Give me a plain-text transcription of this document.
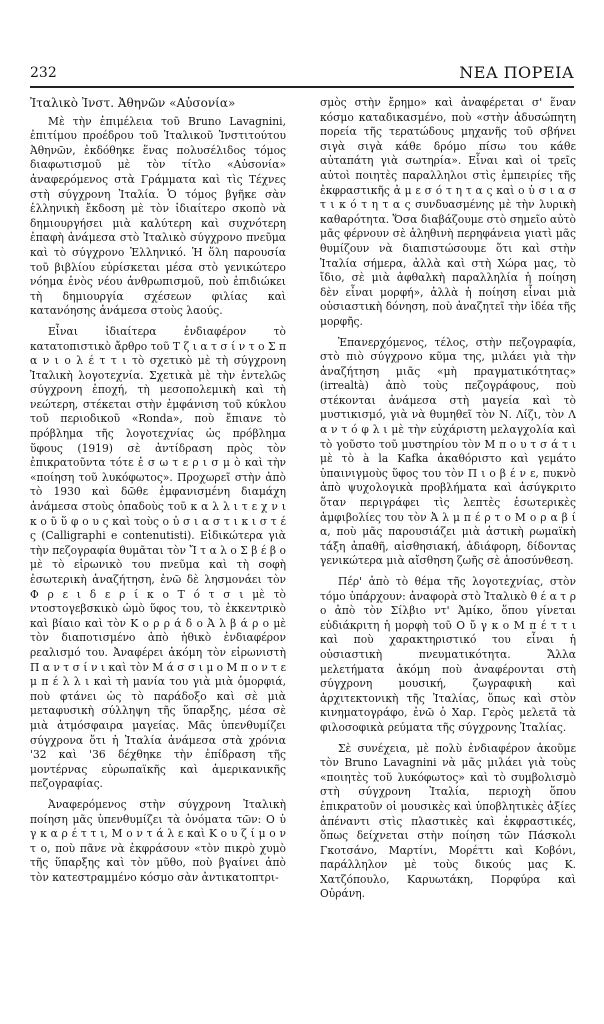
232	ΝΕΑ ΠΟΡΕΙΑ
Ἰταλικὸ Ἰνστ. Ἀθηνῶν «Αὐσονία»

Μὲ τὴν ἐπιμέλεια τοῦ Bruno Lavagnini, ἐπιτίμου προέδρου τοῦ Ἰταλικοῦ Ἰνστιτούτου Ἀθηνῶν, ἐκδόθηκε ἕνας πολυσέλιδος τόμος διαφωτισμοῦ μὲ τὸν τίτλο «Αὐσονία» ἀναφερόμενος στὰ Γράμματα καὶ τὶς Τέχνες στὴ σύγχρονη Ἰταλία. Ὁ τόμος βγῆκε σὰν ἑλληνικὴ ἔκδοση μὲ τὸν ἰδιαίτερο σκοπὸ νὰ δημιουργήσει μιὰ καλύτερη καὶ συχνότερη ἐπαφὴ ἀνάμεσα στὸ Ἰταλικὸ σύγχρονο πνεῦμα καὶ τὸ σύγχρονο Ἑλληνικό. Ἡ ὅλη παρουσία τοῦ βιβλίου εὑρίσκεται μέσα στὸ γενικώτερο νόημα ἑνὸς νέου ἀνθρωπισμοῦ, ποὺ ἐπιδιώκει τὴ δημιουργία σχέσεων φιλίας καὶ κατανόησης ἀνάμεσα στοὺς λαούς.

Εἶναι ἰδιαίτερα ἐνδιαφέρον τὸ κατατοπιστικὸ ἄρθρο τοῦ Τ ζ ι α τ σ ί ν τ ο Σ π α ν ι ο λ έ τ τ ι τὸ σχετικὸ μὲ τὴ σύγχρονη Ἰταλικὴ λογοτεχνία. Σχετικὰ μὲ τὴν ἐντελῶς σύγχρονη ἐποχή, τὴ μεσοπολεμικὴ καὶ τὴ νεώτερη, στέκεται στὴν ἐμφάνιση τοῦ κύκλου τοῦ περιοδικοῦ «Ronda», ποὺ ἔπιανε τὸ πρόβλημα τῆς λογοτεχνίας ὡς πρόβλημα ὕφους (1919) σὲ ἀντίδραση πρὸς τὸν ἐπικρατοῦντα τότε ἐ σ ω τ ε ρ ι σ μ ὸ καὶ τὴν «ποίηση τοῦ λυκόφωτος». Προχωρεῖ στὴν ἀπὸ τὸ 1930 καὶ δῶθε ἐμφανισμένη διαμάχη ἀνάμεσα στοὺς ὁπαδοὺς τοῦ κ α λ λ ι τ ε χ ν ι κ ο ῦ ὕ φ ο υ ς καὶ τοὺς ο ὐ σ ι α σ τ ι κ ι σ τ έ ς (Calligraphi e contenutisti). Εἰδικώτερα γιὰ τὴν πεζογραφία θυμᾶται τὸν Ἴ τ α λ ο Σ β έ β ο μὲ τὸ εἰρωνικὸ του πνεῦμα καὶ τὴ σοφὴ ἐσωτερικὴ ἀναζήτηση, ἐνῶ δὲ λησμονάει τὸν Φ ρ ε ι δ ε ρ ί κ ο Τ ό τ σ ι μὲ τὸ ντοστογεβσκικὸ ὠμὸ ὕφος του, τὸ ἐκκεντρικὸ καὶ βίαιο καὶ τὸν Κ ο ρ ρ ά δ ο Ἀ λ β ά ρ ο μὲ τὸν διαποτισμένο ἀπὸ ἠθικὸ ἐνδιαφέρον ρεαλισμό του. Ἀναφέρει ἀκόμη τὸν εἰρωνιστὴ Π α ν τ σ ί ν ι καὶ τὸν Μ ά σ σ ι μ ο Μ π ο ν τ ε μ π έ λ λ ι καὶ τὴ μανία του γιὰ μιὰ ὁμορφιά, ποὺ φτάνει ὡς τὸ παράδοξο καὶ σὲ μιὰ μεταφυσικὴ σύλληψη τῆς ὕπαρξης, μέσα σὲ μιὰ ἀτμόσφαιρα μαγείας. Μᾶς ὑπενθυμίζει σύγχρονα ὅτι ἡ Ἰταλία ἀνάμεσα στὰ χρόνια '32 καὶ '36 δέχθηκε τὴν ἐπίδραση τῆς μοντέρνας εὐρωπαϊκῆς καὶ ἀμερικανικῆς πεζογραφίας.

Ἀναφερόμενος στὴν σύγχρονη Ἰταλικὴ ποίηση μᾶς ὑπενθυμίζει τὰ ὀνόματα τῶν: Ο ὐ γ κ α ρ έ τ τ ι, Μ ο ν τ ά λ ε καὶ Κ ο υ ζ ί μ ο ν τ ο, ποὺ πᾶνε νὰ ἐκφράσουν «τὸν πικρὸ χυμὸ τῆς ὕπαρξης καὶ τὸν μῦθο, ποὺ βγαίνει ἀπὸ τὸν κατεστραμμένο κόσμο σὰν ἀντικατοπτρι-

σμὸς στὴν ἔρημο» καὶ ἀναφέρεται σ' ἕναν κόσμο καταδικασμένο, ποὺ «στὴν ἀδυσώπητη πορεία τῆς τερατώδους μηχανῆς τοῦ σβήνει σιγὰ σιγὰ κάθε δρόμο πίσω του κάθε αὐταπάτη γιὰ σωτηρία». Εἶναι καὶ οἱ τρεῖς αὐτοὶ ποιητὲς παραλληλοι στὶς ἐμπειρίες τῆς ἐκφραστικῆς ἀ μ ε σ ό τ η τ α ς καὶ ο ὐ σ ι α σ τ ι κ ό τ η τ α ς συνδυασμένης μὲ τὴν λυρικὴ καθαρότητα. Ὅσα διαβάζουμε στὸ σημεῖο αὐτὸ μᾶς φέρνουν σὲ ἀληθινὴ περηφάνεια γιατὶ μᾶς θυμίζουν νὰ διαπιστώσουμε ὅτι καὶ στὴν Ἰταλία σήμερα, ἀλλὰ καὶ στὴ Χώρα μας, τὸ ἴδιο, σὲ μιὰ ἀφθαλκὴ παραλληλία ἡ ποίηση δὲν εἶναι μορφή», ἀλλὰ ἡ ποίηση εἶναι μιὰ οὐσιαστικὴ δόνηση, ποὺ ἀναζητεῖ τὴν ἰδέα τῆς μορφῆς.

Ἐπανερχόμενος, τέλος, στὴν πεζογραφία, στὸ πιὸ σύγχρονο κῦμα της, μιλάει γιὰ τὴν ἀναζήτηση μιᾶς «μὴ πραγματικότητας» (irrealtà) ἀπὸ τοὺς πεζογράφους, ποὺ στέκονται ἀνάμεσα στὴ μαγεία καὶ τὸ μυστικισμό, γιὰ νὰ θυμηθεῖ τὸν Ν. Λίζι, τὸν Λ α ν τ ό φ λ ι μὲ τὴν εὐχάριστη μελαγχολία καὶ τὸ γοῦστο τοῦ μυστηρίου τὸν Μ π ο υ τ σ ά τ ι μὲ τὸ à la Kafka ἀκαθόριστο καὶ γεμάτο ὑπαινιγμοὺς ὕφος του τὸν Π ι ο β έ ν ε, πυκνὸ ἀπὸ ψυχολογικὰ προβλήματα καὶ ἀσύγκριτο ὅταν περιγράφει τὶς λεπτὲς ἐσωτερικὲς ἀμφιβολίες του τὸν Ἀ λ μ π έ ρ τ ο Μ ο ρ α β ί α, ποὺ μᾶς παρουσιάζει μιὰ ἀστικὴ ρωμαϊκὴ τάξη ἀπαθῆ, αἰσθησιακή, ἀδιάφορη, δίδοντας γενικώτερα μιὰ αἴσθηση ζωῆς σὲ ἀποσύνθεση.

Πέρ' ἀπὸ τὸ θέμα τῆς λογοτεχνίας, στὸν τόμο ὑπάρχουν: ἀναφορὰ στὸ Ἰταλικὸ θ έ α τ ρ ο ἀπὸ τὸν Σίλβιο ντ' Ἀμίκο, ὅπου γίνεται εὐδιάκριτη ἡ μορφὴ τοῦ Ο ὔ γ κ ο Μ π έ τ τ ι καὶ ποὺ χαρακτηριστικό του εἶναι ἡ οὐσιαστικὴ πνευματικότητα. Ἄλλα μελετήματα ἀκόμη ποὺ ἀναφέρονται στὴ σύγχρονη μουσική, ζωγραφικὴ καὶ ἀρχιτεκτονικὴ τῆς Ἰταλίας, ὅπως καὶ στὸν κινηματογράφο, ἐνῶ ὁ Χαρ. Γερὸς μελετᾶ τὰ φιλοσοφικὰ ρεύματα τῆς σύγχρονης Ἰταλίας.

Σὲ συνέχεια, μὲ πολὺ ἐνδιαφέρον ἀκοῦμε τὸν Bruno Lavagnini νὰ μᾶς μιλάει γιὰ τοὺς «ποιητὲς τοῦ λυκόφωτος» καὶ τὸ συμβολισμὸ στὴ σύγχρονη Ἰταλία, περιοχὴ ὅπου ἐπικρατοῦν οἱ μουσικὲς καὶ ὑποβλητικὲς ἀξίες ἀπέναντι στὶς πλαστικὲς καὶ ἐκφραστικές, ὅπως δείχνεται στὴν ποίηση τῶν Πάσκολι Γκοτσάνο, Μαρτίνι, Μορέττι καὶ Κοβόνι, παράλληλον μὲ τοὺς δικούς μας Κ. Χατζόπουλο, Καρυωτάκη, Πορφύρα καὶ Οὐράνη.
